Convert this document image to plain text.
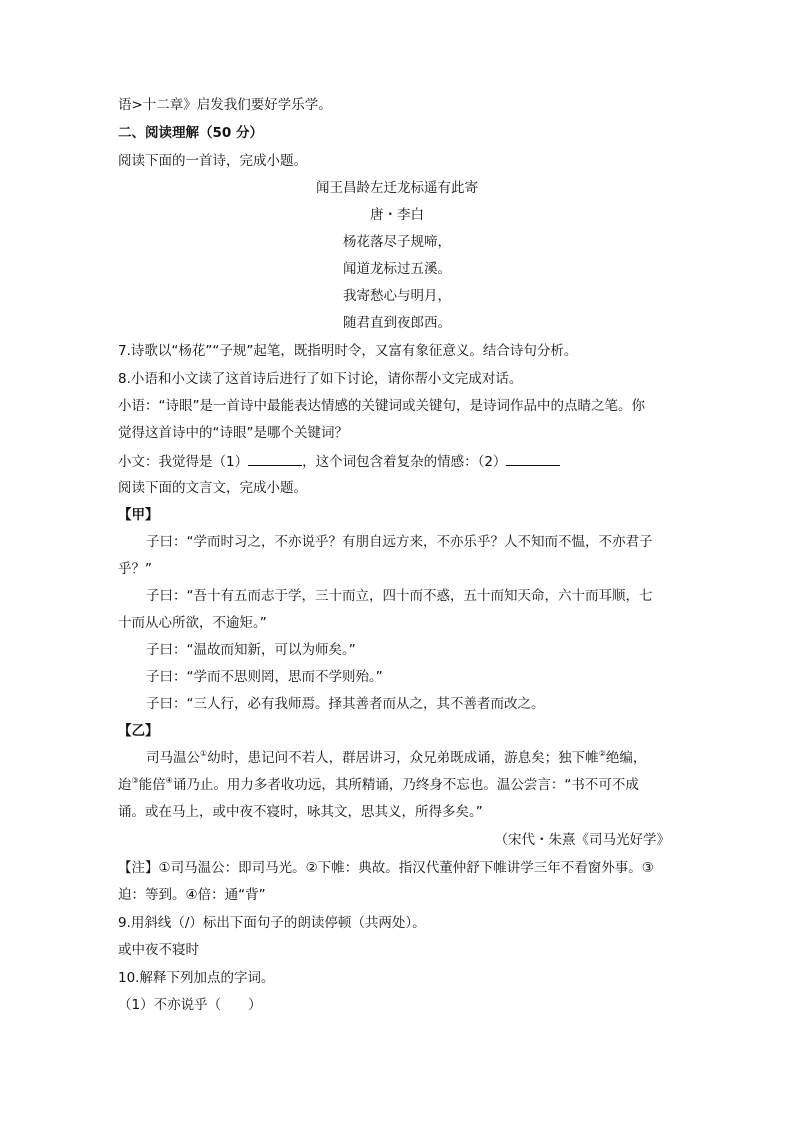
语>十二章》启发我们要好学乐学。
二、阅读理解（50 分）
阅读下面的一首诗，完成小题。
闻王昌龄左迁龙标遥有此寄
唐・李白
杨花落尽子规啼，
闻道龙标过五溪。
我寄愁心与明月，
随君直到夜郎西。
7.诗歌以“杨花”“子规”起笔，既指明时令，又富有象征意义。结合诗句分析。
8.小语和小文读了这首诗后进行了如下讨论，请你帮小文完成对话。
小语：“诗眼”是一首诗中最能表达情感的关键词或关键句，是诗词作品中的点睛之笔。你
觉得这首诗中的“诗眼”是哪个关键词？
小文：我觉得是（1）	，这个词包含着复杂的情感：（2）
阅读下面的文言文，完成小题。
【甲】
子曰：“学而时习之，不亦说乎？有朋自远方来，不亦乐乎？人不知而不愠，不亦君子
乎？”
子曰：“吾十有五而志于学，三十而立，四十而不惑，五十而知天命，六十而耳顺，七
十而从心所欲，不逾矩。”
子曰：“温故而知新，可以为师矣。”
子曰：“学而不思则罔，思而不学则殆。”
子曰：“三人行，必有我师焉。择其善者而从之，其不善者而改之。
【乙】
司马温公①幼时，患记问不若人，群居讲习，众兄弟既成诵，游息矣；独下帷②绝编，
迨③能倍④诵乃止。用力多者收功远，其所精诵，乃终身不忘也。温公尝言：“书不可不成
诵。或在马上，或中夜不寝时，咏其文，思其义，所得多矣。”
（宋代・朱熹《司马光好学》
【注】①司马温公：即司马光。②下帷：典故。指汉代董仲舒下帷讲学三年不看窗外事。③
迫：等到。④倍：通“背”
9.用斜线（/）标出下面句子的朗读停顿（共两处）。
或中夜不寝时
10.解释下列加点的字词。
（1）不亦说乎（　　）
